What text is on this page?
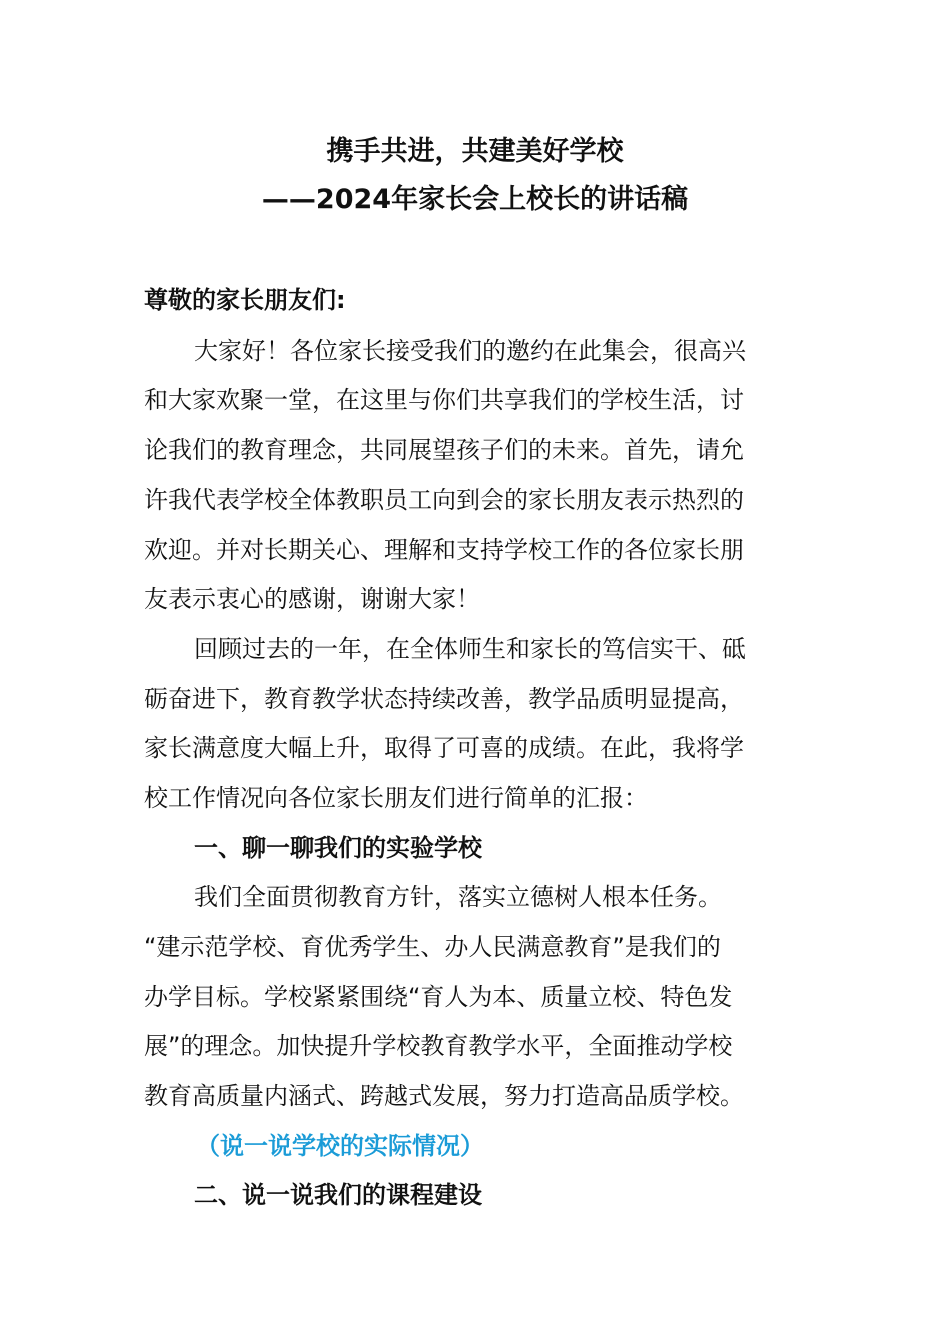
携手共进，共建美好学校
——2024年家长会上校长的讲话稿
尊敬的家长朋友们:
大家好！各位家长接受我们的邀约在此集会，很高兴
和大家欢聚一堂，在这里与你们共享我们的学校生活，讨
论我们的教育理念，共同展望孩子们的未来。首先，请允
许我代表学校全体教职员工向到会的家长朋友表示热烈的
欢迎。并对长期关心、理解和支持学校工作的各位家长朋
友表示衷心的感谢，谢谢大家！
回顾过去的一年，在全体师生和家长的笃信实干、砥
砺奋进下，教育教学状态持续改善，教学品质明显提高，
家长满意度大幅上升，取得了可喜的成绩。在此，我将学
校工作情况向各位家长朋友们进行简单的汇报：
一、聊一聊我们的实验学校
我们全面贯彻教育方针，落实立德树人根本任务。
“建示范学校、育优秀学生、办人民满意教育”是我们的
办学目标。学校紧紧围绕“育人为本、质量立校、特色发
展”的理念。加快提升学校教育教学水平，全面推动学校
教育高质量内涵式、跨越式发展，努力打造高品质学校。
（说一说学校的实际情况）
二、说一说我们的课程建设
